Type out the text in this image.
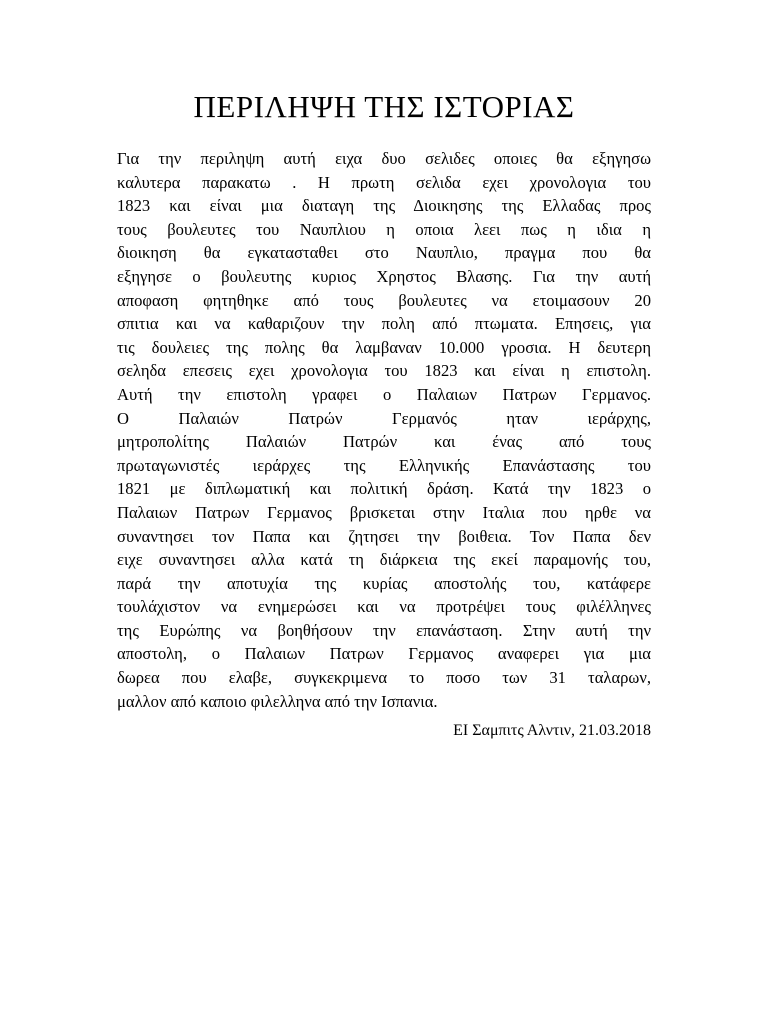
ΠΕΡΙΛΗΨΗ ΤΗΣ ΙΣΤΟΡΙΑΣ
Για την περιληψη αυτή ειχα δυο σελιδες οποιες θα εξηγησω
καλυτερα παρακατω . Η πρωτη σελιδα εχει χρονολογια του
1823 και είναι μια διαταγη της Διοικησης της Ελλαδας προς
τους βουλευτες του Ναυπλιου η οποια λεει πως η ιδια η
διοικηση θα εγκατασταθει στο Ναυπλιο, πραγμα που θα
εξηγησε ο βουλευτης κυριος Χρηστος Βλασης. Για την αυτή
αποφαση φητηθηκε από τους βουλευτες να ετοιμασουν 20
σπιτια και να καθαριζουν την πολη από πτωματα. Επησεις, για
τις δουλειες της πολης θα λαμβαναν 10.000 γροσια. Η δευτερη
σεληδα επεσεις εχει χρονολογια του 1823 και είναι η επιστολη.
Αυτή την επιστολη γραφει ο Παλαιων Πατρων Γερμανος.
Ο Παλαιών Πατρών Γερμανός ηταν ιεράρχης,
μητροπολίτης Παλαιών Πατρών και ένας από τους
πρωταγωνιστές ιεράρχες της Ελληνικής Επανάστασης του
1821 με διπλωματική και πολιτική δράση. Κατά την 1823 ο
Παλαιων Πατρων Γερμανος βρισκεται στην Ιταλια που ηρθε να
συναντησει τον Παπα και ζητησει την βοιθεια. Τον Παπα δεν
ειχε συναντησει αλλα κατά τη διάρκεια της εκεί παραμονής του,
παρά την αποτυχία της κυρίας αποστολής του, κατάφερε
τουλάχιστον να ενημερώσει και να προτρέψει τους φιλέλληνες
της Ευρώπης να βοηθήσουν την επανάσταση. Στην αυτή την
αποστολη, ο Παλαιων Πατρων Γερμανος αναφερει για μια
δωρεα που ελαβε, συγκεκριμενα το ποσο των 31 ταλαρων,
μαλλον από καποιο φιλελληνα από την Ισπανια.
ΕΙ Σαμπιτς Αλντιν, 21.03.2018
